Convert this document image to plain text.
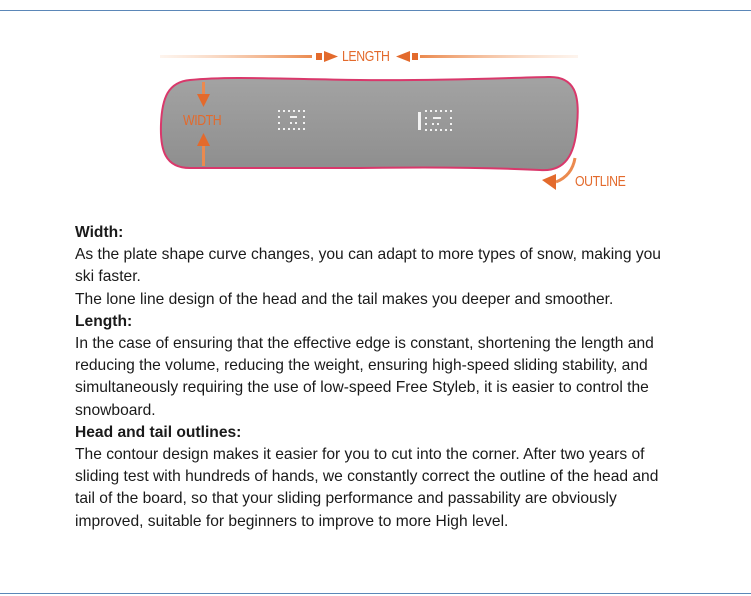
LENGTH
WIDTH
OUTLINE
Width:
As the plate shape curve changes, you can adapt to more types of snow, making you ski faster.
The lone line design of the head and the tail makes you deeper and smoother.
Length:
In the case of ensuring that the effective edge is constant, shortening the length and reducing the volume, reducing the weight, ensuring high-speed sliding stability, and simultaneously requiring the use of low-speed Free Styleb, it is easier to control the snowboard.
Head and tail outlines:
The contour design makes it easier for you to cut into the corner. After two years of sliding test with hundreds of hands, we constantly correct the outline of the head and tail of the board, so that your sliding performance and passability are obviously improved, suitable for beginners to improve to more High level.
